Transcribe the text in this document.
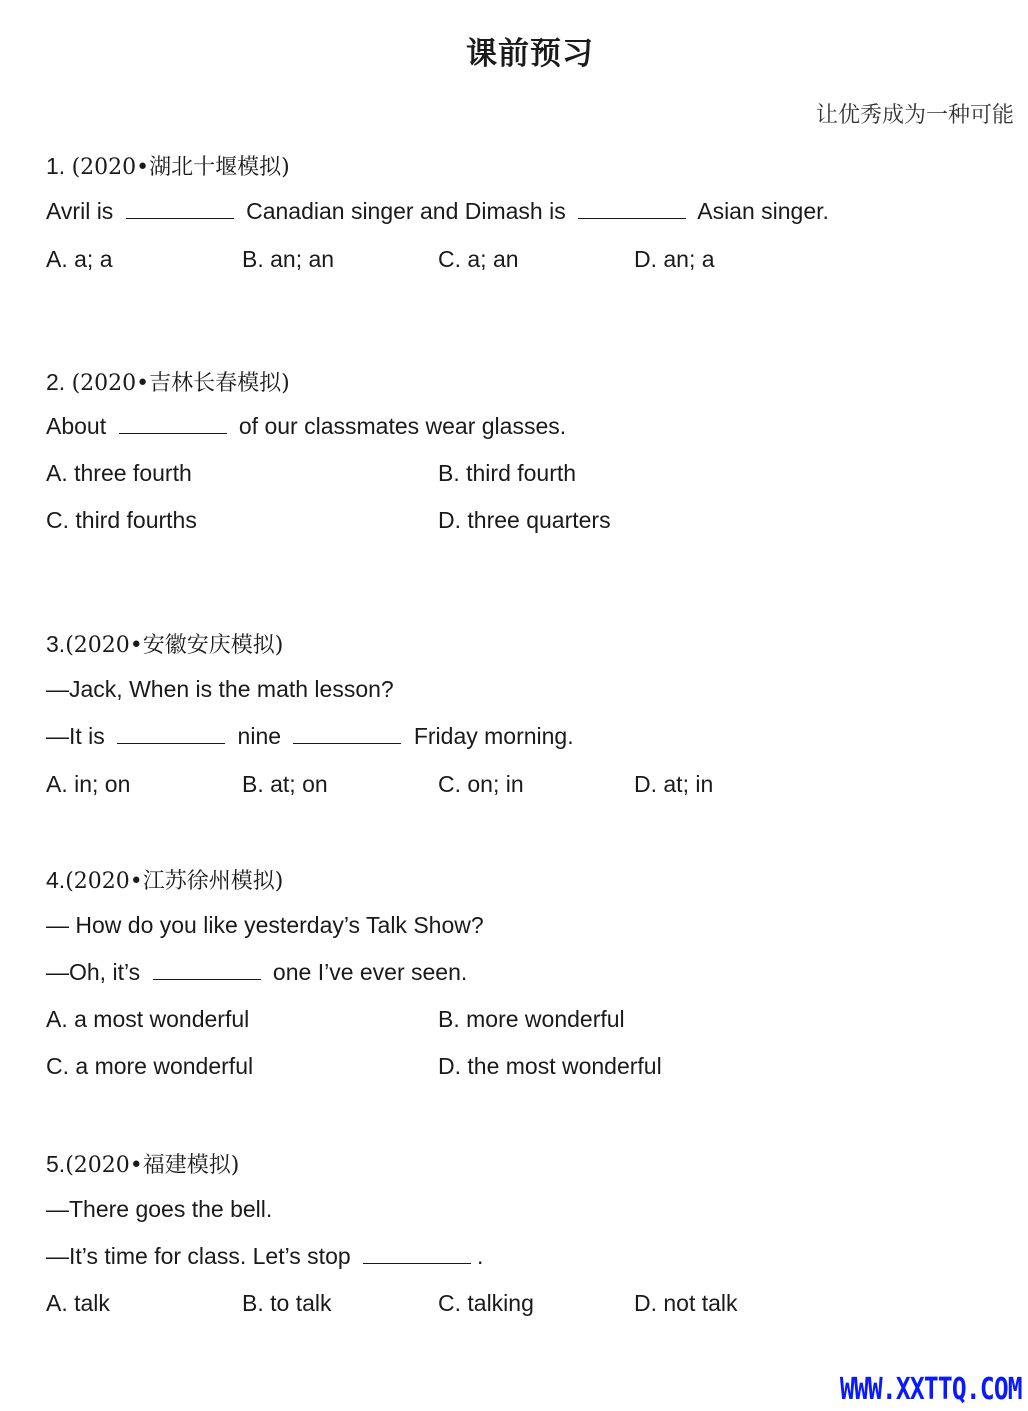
课前预习
让优秀成为一种可能
1. (2020•湖北十堰模拟)
Avril is	Canadian singer and Dimash is	Asian singer.
A. a; a	B. an; an	C. a; an	D. an; a
2. (2020•吉林长春模拟)
About	of our classmates wear glasses.
A. three fourth	B. third fourth
C. third fourths	D. three quarters
3.(2020•安徽安庆模拟)
—Jack, When is the math lesson?
—It is	nine	Friday morning.
A. in; on	B. at; on	C. on; in	D. at; in
4.(2020•江苏徐州模拟)
— How do you like yesterday’s Talk Show?
—Oh, it’s	one I’ve ever seen.
A. a most wonderful	B. more wonderful
C. a more wonderful	D. the most wonderful
5.(2020•福建模拟)
—There goes the bell.
—It’s time for class. Let’s stop	.
A. talk	B. to talk	C. talking	D. not talk
WWW.XXTTQ.COM
